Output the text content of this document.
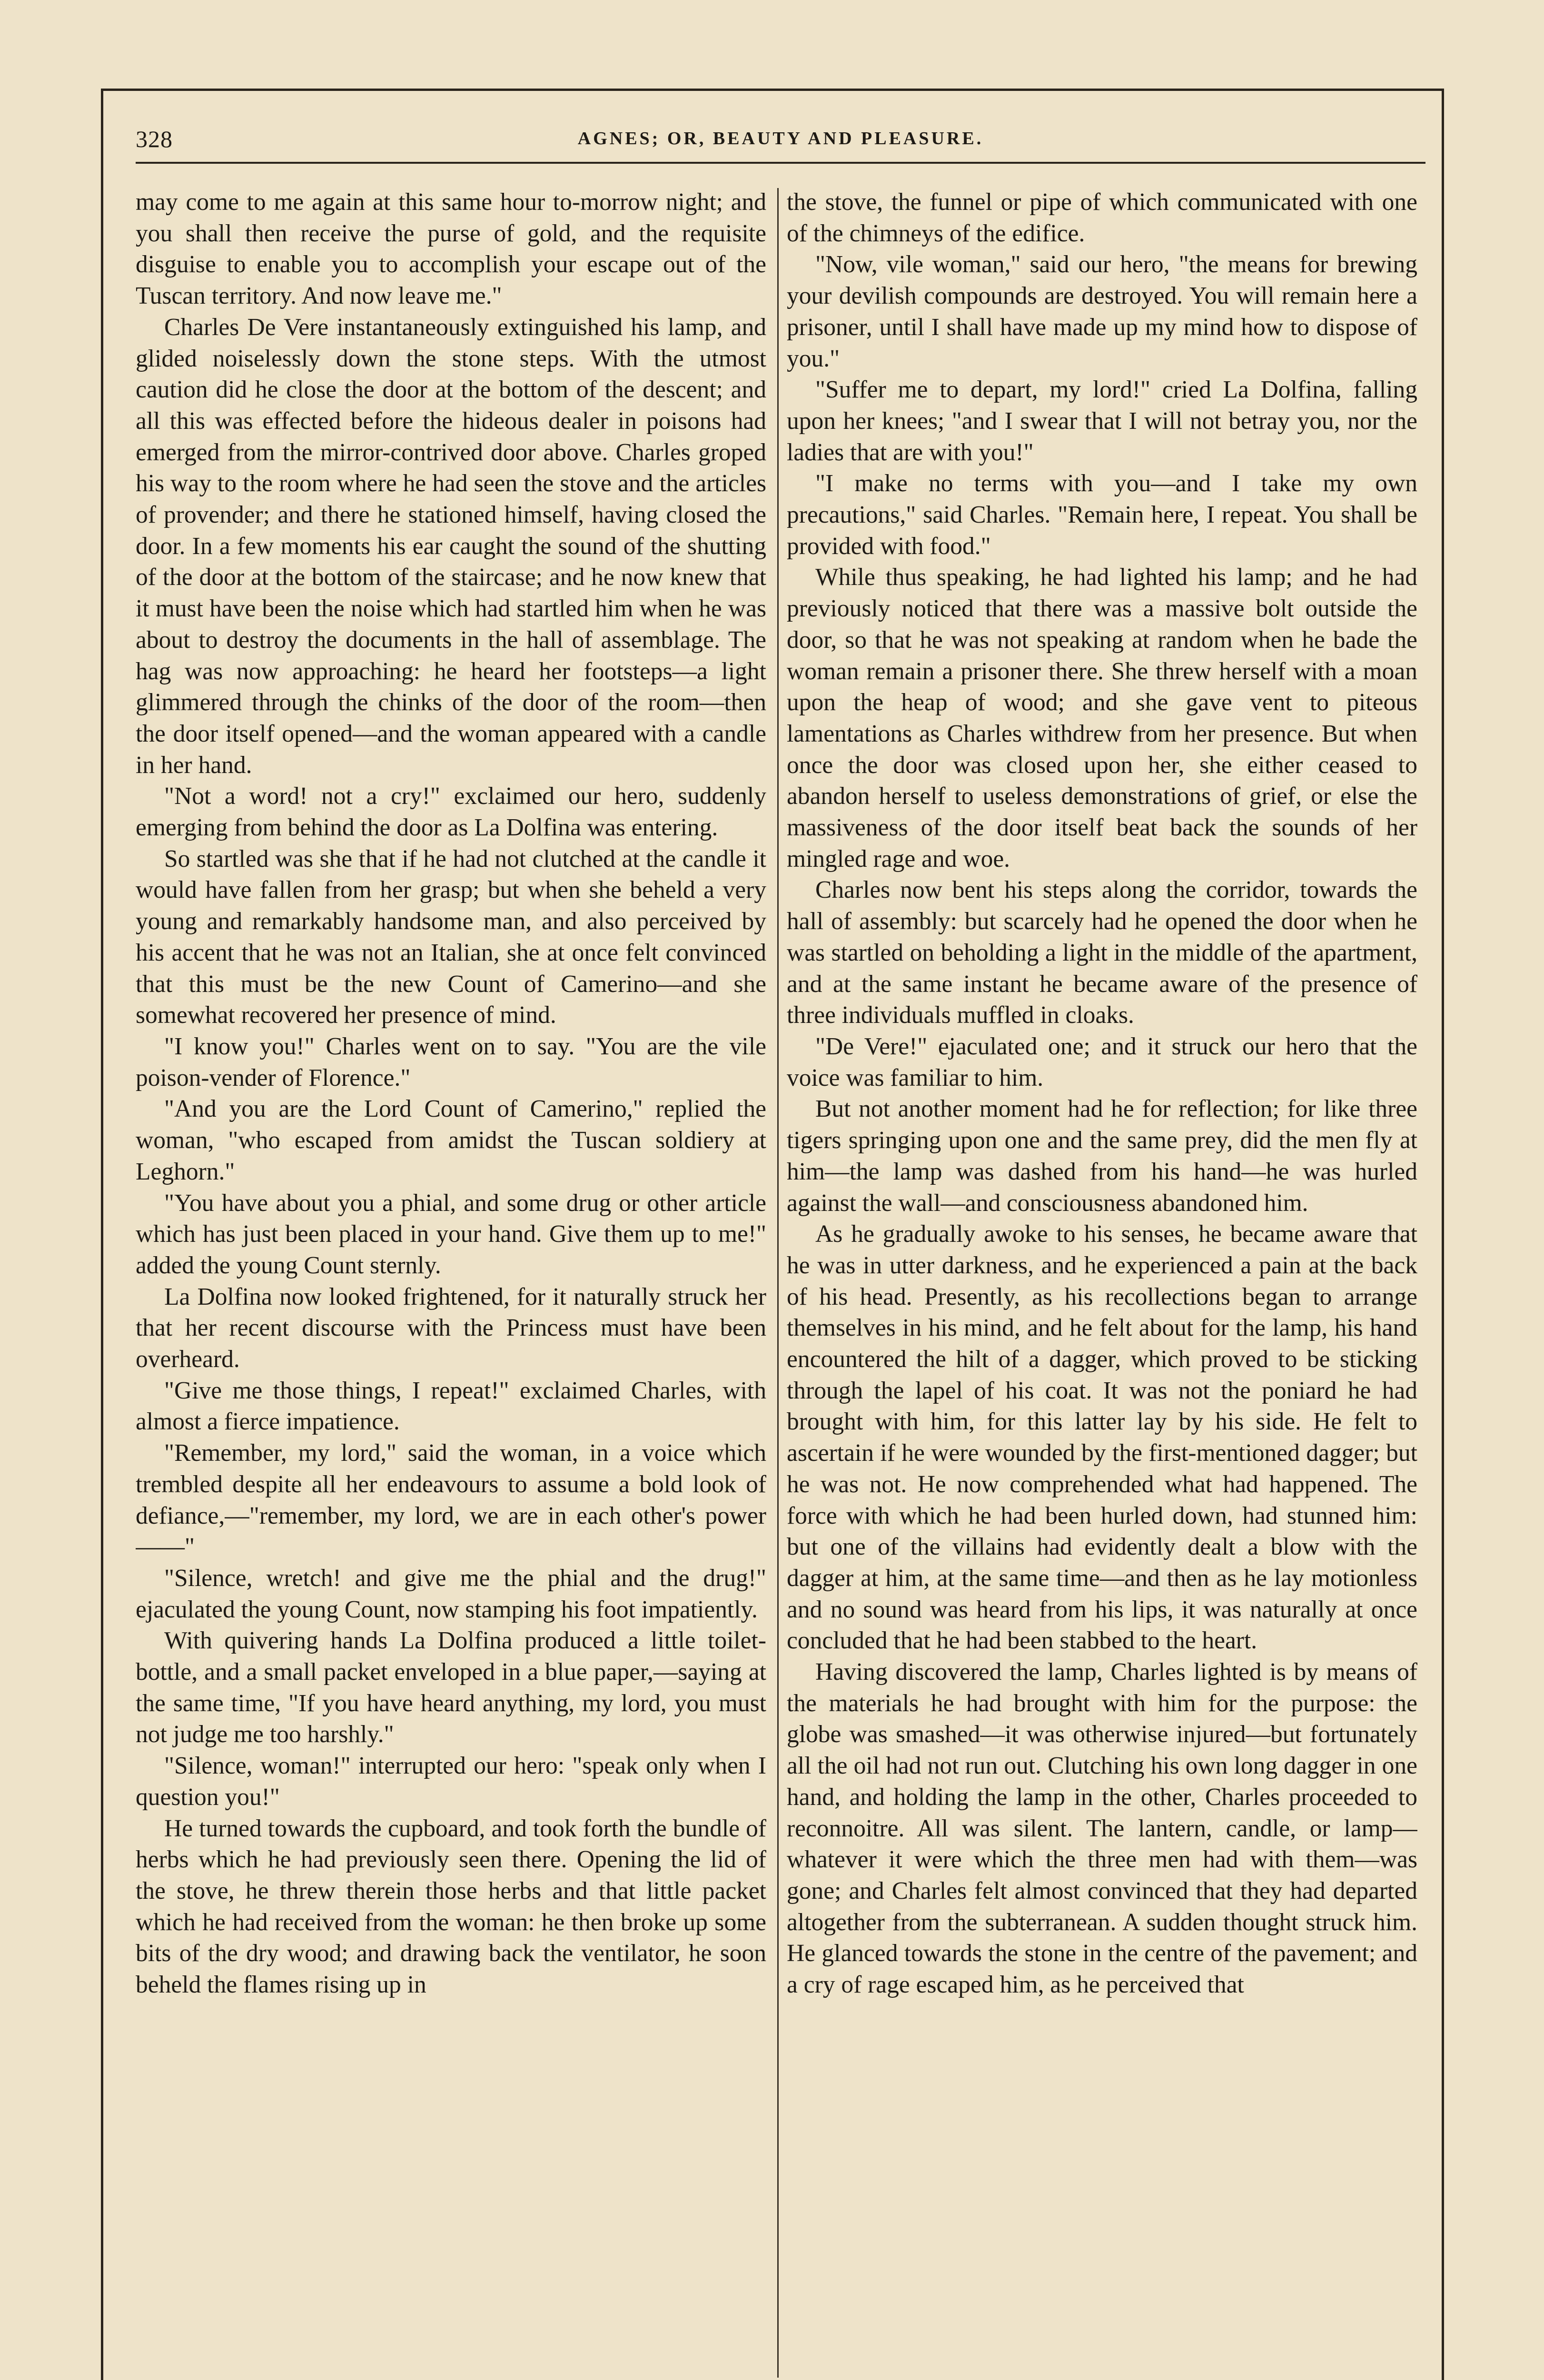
328	AGNES; OR, BEAUTY AND PLEASURE.

may come to me again at this same hour to-morrow night; and you shall then receive the purse of gold, and the requisite disguise to enable you to accomplish your escape out of the Tuscan territory. And now leave me."

Charles De Vere instantaneously extinguished his lamp, and glided noiselessly down the stone steps. With the utmost caution did he close the door at the bottom of the descent; and all this was effected before the hideous dealer in poisons had emerged from the mirror-contrived door above. Charles groped his way to the room where he had seen the stove and the articles of provender; and there he stationed himself, having closed the door. In a few moments his ear caught the sound of the shutting of the door at the bottom of the staircase; and he now knew that it must have been the noise which had startled him when he was about to destroy the documents in the hall of assemblage. The hag was now approaching: he heard her footsteps—a light glimmered through the chinks of the door of the room—then the door itself opened—and the woman appeared with a candle in her hand.

"Not a word! not a cry!" exclaimed our hero, suddenly emerging from behind the door as La Dolfina was entering.

So startled was she that if he had not clutched at the candle it would have fallen from her grasp; but when she beheld a very young and remarkably handsome man, and also perceived by his accent that he was not an Italian, she at once felt convinced that this must be the new Count of Camerino—and she somewhat recovered her presence of mind.

"I know you!" Charles went on to say. "You are the vile poison-vender of Florence."

"And you are the Lord Count of Camerino," replied the woman, "who escaped from amidst the Tuscan soldiery at Leghorn."

"You have about you a phial, and some drug or other article which has just been placed in your hand. Give them up to me!" added the young Count sternly.

La Dolfina now looked frightened, for it naturally struck her that her recent discourse with the Princess must have been overheard.

"Give me those things, I repeat!" exclaimed Charles, with almost a fierce impatience.

"Remember, my lord," said the woman, in a voice which trembled despite all her endeavours to assume a bold look of defiance,—"remember, my lord, we are in each other's power——"

"Silence, wretch! and give me the phial and the drug!" ejaculated the young Count, now stamping his foot impatiently.

With quivering hands La Dolfina produced a little toilet-bottle, and a small packet enveloped in a blue paper,—saying at the same time, "If you have heard anything, my lord, you must not judge me too harshly."

"Silence, woman!" interrupted our hero: "speak only when I question you!"

He turned towards the cupboard, and took forth the bundle of herbs which he had previously seen there. Opening the lid of the stove, he threw therein those herbs and that little packet which he had received from the woman: he then broke up some bits of the dry wood; and drawing back the ventilator, he soon beheld the flames rising up in

the stove, the funnel or pipe of which communicated with one of the chimneys of the edifice.

"Now, vile woman," said our hero, "the means for brewing your devilish compounds are destroyed. You will remain here a prisoner, until I shall have made up my mind how to dispose of you."

"Suffer me to depart, my lord!" cried La Dolfina, falling upon her knees; "and I swear that I will not betray you, nor the ladies that are with you!"

"I make no terms with you—and I take my own precautions," said Charles. "Remain here, I repeat. You shall be provided with food."

While thus speaking, he had lighted his lamp; and he had previously noticed that there was a massive bolt outside the door, so that he was not speaking at random when he bade the woman remain a prisoner there. She threw herself with a moan upon the heap of wood; and she gave vent to piteous lamentations as Charles withdrew from her presence. But when once the door was closed upon her, she either ceased to abandon herself to useless demonstrations of grief, or else the massiveness of the door itself beat back the sounds of her mingled rage and woe.

Charles now bent his steps along the corridor, towards the hall of assembly: but scarcely had he opened the door when he was startled on beholding a light in the middle of the apartment, and at the same instant he became aware of the presence of three individuals muffled in cloaks.

"De Vere!" ejaculated one; and it struck our hero that the voice was familiar to him.

But not another moment had he for reflection; for like three tigers springing upon one and the same prey, did the men fly at him—the lamp was dashed from his hand—he was hurled against the wall—and consciousness abandoned him.

As he gradually awoke to his senses, he became aware that he was in utter darkness, and he experienced a pain at the back of his head. Presently, as his recollections began to arrange themselves in his mind, and he felt about for the lamp, his hand encountered the hilt of a dagger, which proved to be sticking through the lapel of his coat. It was not the poniard he had brought with him, for this latter lay by his side. He felt to ascertain if he were wounded by the first-mentioned dagger; but he was not. He now comprehended what had happened. The force with which he had been hurled down, had stunned him: but one of the villains had evidently dealt a blow with the dagger at him, at the same time—and then as he lay motionless and no sound was heard from his lips, it was naturally at once concluded that he had been stabbed to the heart.

Having discovered the lamp, Charles lighted is by means of the materials he had brought with him for the purpose: the globe was smashed—it was otherwise injured—but fortunately all the oil had not run out. Clutching his own long dagger in one hand, and holding the lamp in the other, Charles proceeded to reconnoitre. All was silent. The lantern, candle, or lamp—whatever it were which the three men had with them—was gone; and Charles felt almost convinced that they had departed altogether from the subterranean. A sudden thought struck him. He glanced towards the stone in the centre of the pavement; and a cry of rage escaped him, as he perceived that
